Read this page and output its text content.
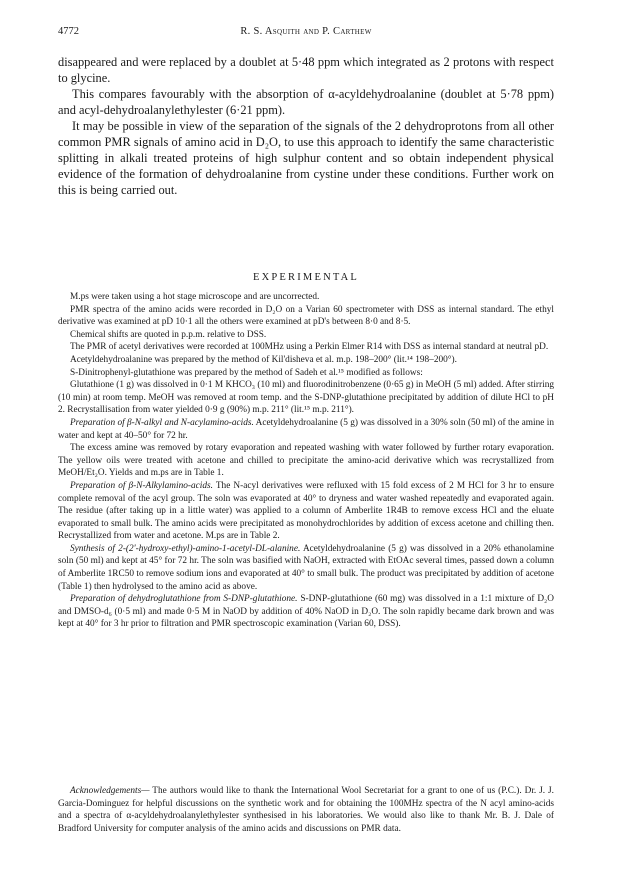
4772	R. S. Asquith and P. Carthew

disappeared and were replaced by a doublet at 5·48 ppm which integrated as 2 protons with respect to glycine.

This compares favourably with the absorption of α-acyldehydroalanine (doublet at 5·78 ppm) and acyl-dehydroalanylethylester (6·21 ppm).

It may be possible in view of the separation of the signals of the 2 dehydroprotons from all other common PMR signals of amino acid in D₂O, to use this approach to identify the same characteristic splitting in alkali treated proteins of high sulphur content and so obtain independent physical evidence of the formation of dehydroalanine from cystine under these conditions. Further work on this is being carried out.

EXPERIMENTAL

M.ps were taken using a hot stage microscope and are uncorrected.

PMR spectra of the amino acids were recorded in D₂O on a Varian 60 spectrometer with DSS as internal standard. The ethyl derivative was examined at pD 10·1 all the others were examined at pD's between 8·0 and 8·5.

Chemical shifts are quoted in p.p.m. relative to DSS.

The PMR of acetyl derivatives were recorded at 100MHz using a Perkin Elmer R14 with DSS as internal standard at neutral pD.

Acetyldehydroalanine was prepared by the method of Kil'disheva et al. m.p. 198–200° (lit.¹⁴ 198–200°).

S-Dinitrophenyl-glutathione was prepared by the method of Sadeh et al.¹⁵ modified as follows:

Glutathione (1 g) was dissolved in 0·1 M KHCO₃ (10 ml) and fluorodinitrobenzene (0·65 g) in MeOH (5 ml) added. After stirring (10 min) at room temp. MeOH was removed at room temp. and the S-DNP-glutathione precipitated by addition of dilute HCl to pH 2. Recrystallisation from water yielded 0·9 g (90%) m.p. 211° (lit.¹⁵ m.p. 211°).

Preparation of β-N-alkyl and N-acylamino-acids. Acetyldehydroalanine (5 g) was dissolved in a 30% soln (50 ml) of the amine in water and kept at 40–50° for 72 hr.

The excess amine was removed by rotary evaporation and repeated washing with water followed by further rotary evaporation. The yellow oils were treated with acetone and chilled to precipitate the amino-acid derivative which was recrystallized from MeOH/Et₂O. Yields and m.ps are in Table 1.

Preparation of β-N-Alkylamino-acids. The N-acyl derivatives were refluxed with 15 fold excess of 2 M HCl for 3 hr to ensure complete removal of the acyl group. The soln was evaporated at 40° to dryness and water washed repeatedly and evaporated again. The residue (after taking up in a little water) was applied to a column of Amberlite 1R4B to remove excess HCl and the eluate evaporated to small bulk. The amino acids were precipitated as monohydrochlorides by addition of excess acetone and chilling then. Recrystallized from water and acetone. M.ps are in Table 2.

Synthesis of 2-(2'-hydroxy-ethyl)-amino-1-acetyl-DL-alanine. Acetyldehydroalanine (5 g) was dissolved in a 20% ethanolamine soln (50 ml) and kept at 45° for 72 hr. The soln was basified with NaOH, extracted with EtOAc several times, passed down a column of Amberlite 1RC50 to remove sodium ions and evaporated at 40° to small bulk. The product was precipitated by addition of acetone (Table 1) then hydrolysed to the amino acid as above.

Preparation of dehydroglutathione from S-DNP-glutathione. S-DNP-glutathione (60 mg) was dissolved in a 1:1 mixture of D₂O and DMSO-d₆ (0·5 ml) and made 0·5 M in NaOD by addition of 40% NaOD in D₂O. The soln rapidly became dark brown and was kept at 40° for 3 hr prior to filtration and PMR spectroscopic examination (Varian 60, DSS).

Acknowledgements— The authors would like to thank the International Wool Secretariat for a grant to one of us (P.C.). Dr. J. J. Garcia-Dominguez for helpful discussions on the synthetic work and for obtaining the 100MHz spectra of the N acyl amino-acids and a spectra of α-acyldehydroalanylethylester synthesised in his laboratories. We would also like to thank Mr. B. J. Dale of Bradford University for computer analysis of the amino acids and discussions on PMR data.
